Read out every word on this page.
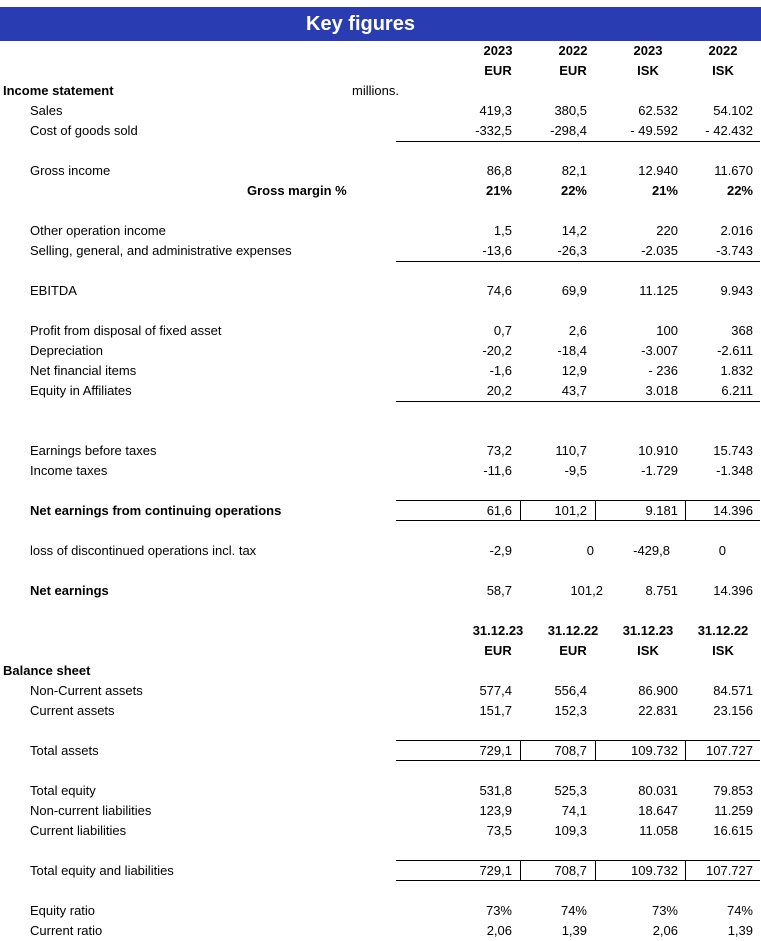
Key figures
2023	2022	2023	2022
EUR	EUR	ISK	ISK
Income statement	millions.
Sales	419,3	380,5	62.532	54.102
Cost of goods sold	-332,5	-298,4	- 49.592	- 42.432
Gross income	86,8	82,1	12.940	11.670
Gross margin %	21%	22%	21%	22%
Other operation income	1,5	14,2	220	2.016
Selling, general, and administrative expenses	-13,6	-26,3	-2.035	-3.743
EBITDA	74,6	69,9	11.125	9.943
Profit from disposal of fixed asset	0,7	2,6	100	368
Depreciation	-20,2	-18,4	-3.007	-2.611
Net financial items	-1,6	12,9	- 236	1.832
Equity in Affiliates	20,2	43,7	3.018	6.211
Earnings before taxes	73,2	110,7	10.910	15.743
Income taxes	-11,6	-9,5	-1.729	-1.348
Net earnings from continuing operations	61,6	101,2	9.181	14.396
loss of discontinued operations incl. tax	-2,9	0	-429,8	0
Net earnings	58,7	101,2	8.751	14.396
31.12.23	31.12.22	31.12.23	31.12.22
EUR	EUR	ISK	ISK
Balance sheet
Non-Current assets	577,4	556,4	86.900	84.571
Current assets	151,7	152,3	22.831	23.156
Total assets	729,1	708,7	109.732	107.727
Total equity	531,8	525,3	80.031	79.853
Non-current liabilities	123,9	74,1	18.647	11.259
Current liabilities	73,5	109,3	11.058	16.615
Total equity and liabilities	729,1	708,7	109.732	107.727
Equity ratio	73%	74%	73%	74%
Current ratio	2,06	1,39	2,06	1,39
